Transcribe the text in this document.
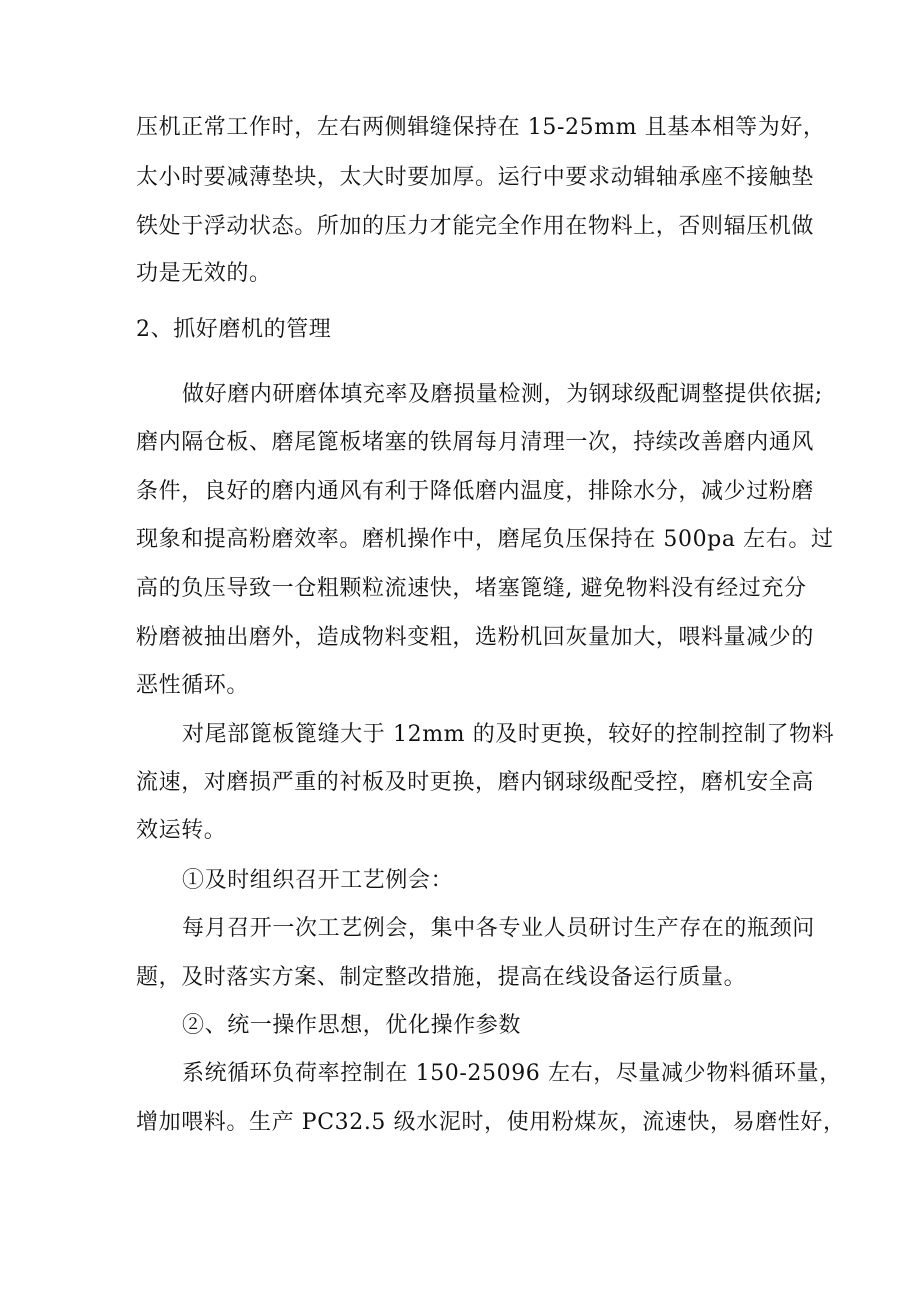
压机正常工作时，左右两侧辑缝保持在 15-25mm 且基本相等为好，

太小时要减薄垫块，太大时要加厚。运行中要求动辑轴承座不接触垫

铁处于浮动状态。所加的压力才能完全作用在物料上，否则辐压机做

功是无效的。

2、抓好磨机的管理

做好磨内研磨体填充率及磨损量检测，为钢球级配调整提供依据;

磨内隔仓板、磨尾篦板堵塞的铁屑每月清理一次，持续改善磨内通风

条件，良好的磨内通风有利于降低磨内温度，排除水分，减少过粉磨

现象和提高粉磨效率。磨机操作中，磨尾负压保持在 500pa 左右。过

高的负压导致一仓粗颗粒流速快，堵塞篦缝, 避免物料没有经过充分

粉磨被抽出磨外，造成物料变粗，选粉机回灰量加大，喂料量减少的

恶性循环。

对尾部篦板篦缝大于 12mm 的及时更换，较好的控制控制了物料

流速，对磨损严重的衬板及时更换，磨内钢球级配受控，磨机安全高

效运转。

①及时组织召开工艺例会：

每月召开一次工艺例会，集中各专业人员研讨生产存在的瓶颈问

题，及时落实方案、制定整改措施，提高在线设备运行质量。

②、统一操作思想，优化操作参数

系统循环负荷率控制在 150-25096 左右，尽量减少物料循环量，

增加喂料。生产 PC32.5 级水泥时，使用粉煤灰，流速快，易磨性好，
